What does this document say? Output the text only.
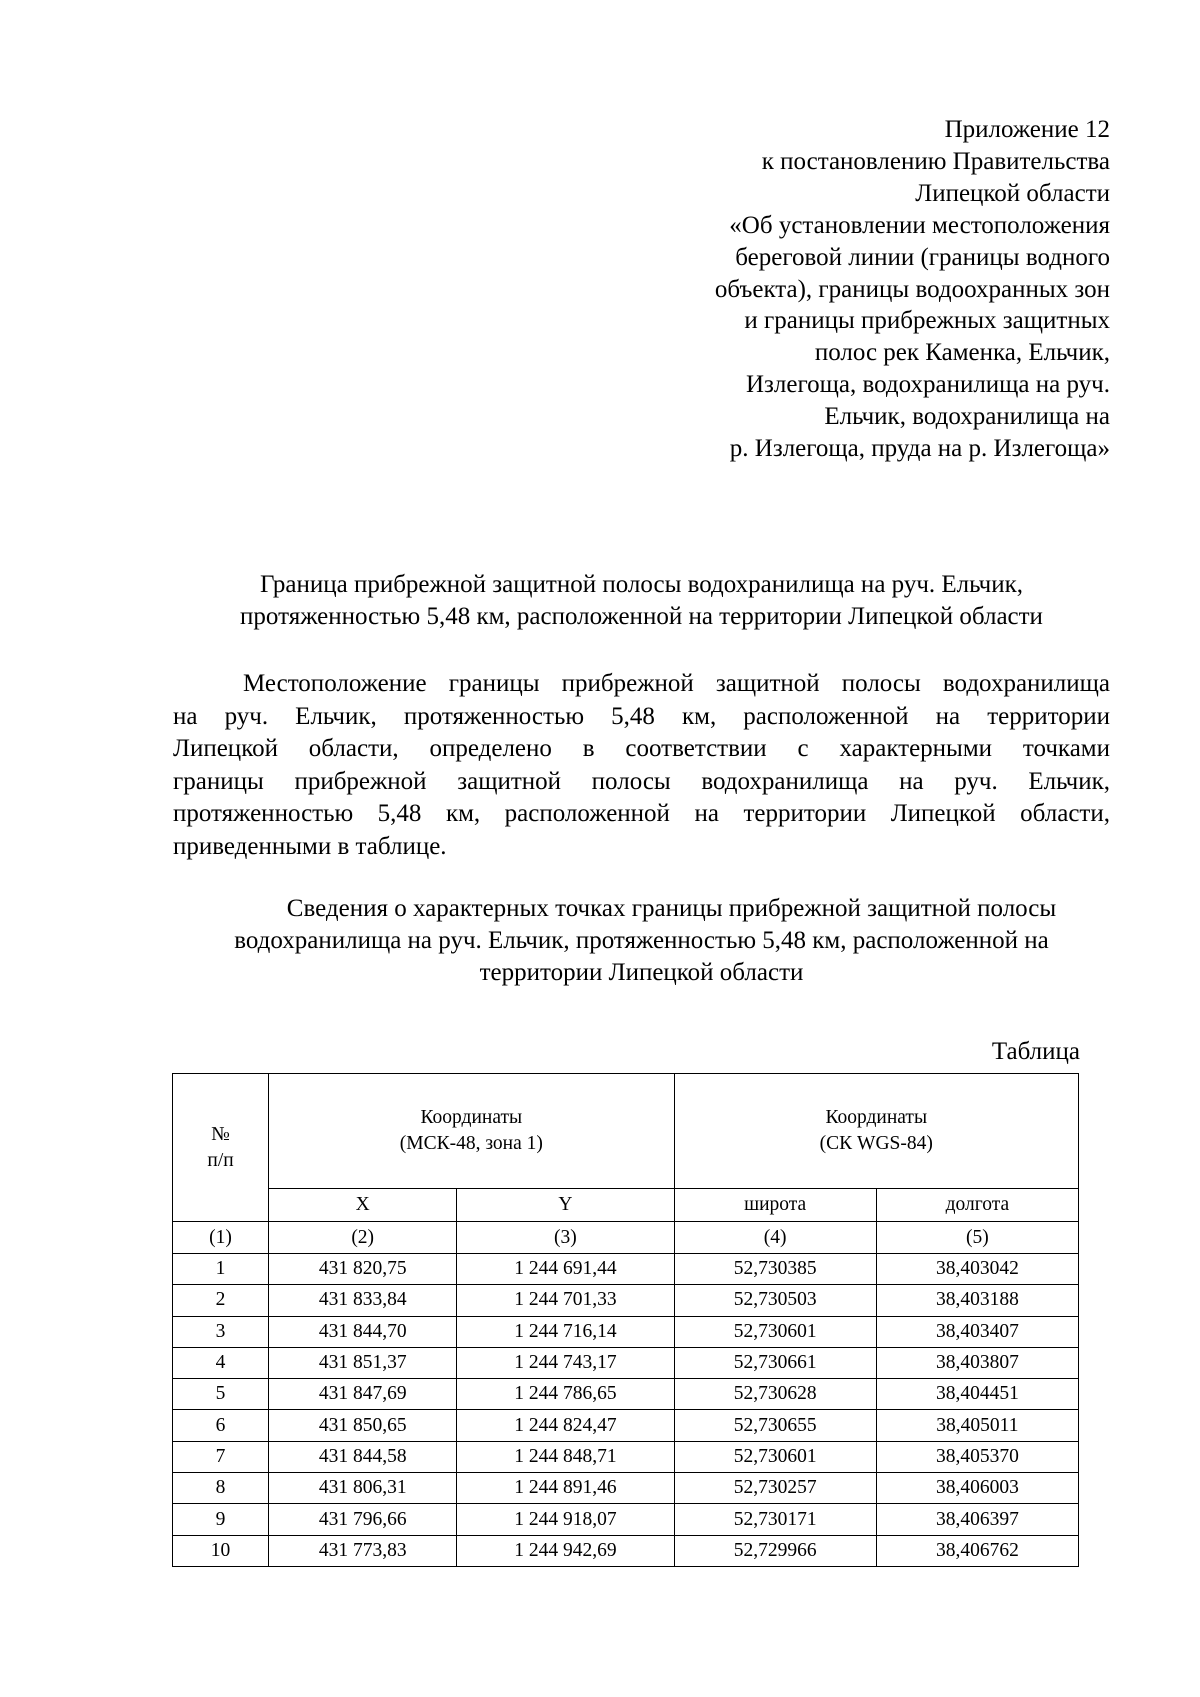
Приложение 12
к постановлению Правительства
Липецкой области
«Об установлении местоположения
береговой линии (границы водного
объекта), границы водоохранных зон
и границы прибрежных защитных
полос рек Каменка, Ельчик,
Излегоща, водохранилища на руч.
Ельчик, водохранилища на
р. Излегоща, пруда на р. Излегоща»
Граница прибрежной защитной полосы водохранилища на руч. Ельчик,
протяженностью 5,48 км, расположенной на территории Липецкой области
Местоположение границы прибрежной защитной полосы водохранилища
на руч. Ельчик, протяженностью 5,48 км, расположенной на территории
Липецкой области, определено в соответствии с характерными точками
границы прибрежной защитной полосы водохранилища на руч. Ельчик,
протяженностью 5,48 км, расположенной на территории Липецкой области,
приведенными в таблице.
Сведения о характерных точках границы прибрежной защитной полосы
водохранилища на руч. Ельчик, протяженностью 5,48 км, расположенной на
территории Липецкой области
Таблица
№
п/п	Координаты
(МСК-48, зона 1)		Координаты
(СК WGS-84)	
	X	Y	широта	долгота
(1)	(2)	(3)	(4)	(5)
1	431 820,75	1 244 691,44	52,730385	38,403042
2	431 833,84	1 244 701,33	52,730503	38,403188
3	431 844,70	1 244 716,14	52,730601	38,403407
4	431 851,37	1 244 743,17	52,730661	38,403807
5	431 847,69	1 244 786,65	52,730628	38,404451
6	431 850,65	1 244 824,47	52,730655	38,405011
7	431 844,58	1 244 848,71	52,730601	38,405370
8	431 806,31	1 244 891,46	52,730257	38,406003
9	431 796,66	1 244 918,07	52,730171	38,406397
10	431 773,83	1 244 942,69	52,729966	38,406762
